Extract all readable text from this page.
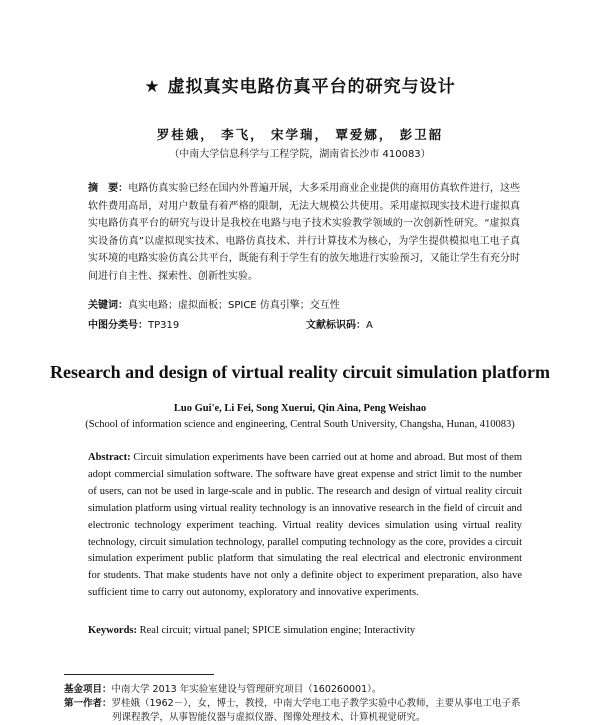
★ 虚拟真实电路仿真平台的研究与设计
罗桂娥， 李飞， 宋学瑞， 覃爱娜， 彭卫韶
（中南大学信息科学与工程学院，湖南省长沙市 410083）
摘　要：电路仿真实验已经在国内外普遍开展，大多采用商业企业提供的商用仿真软件进行，这些软件费用高昂，对用户数量有着严格的限制，无法大规模公共使用。采用虚拟现实技术进行虚拟真实电路仿真平台的研究与设计是我校在电路与电子技术实验教学领域的一次创新性研究。“虚拟真实设备仿真”以虚拟现实技术、电路仿真技术、并行计算技术为核心，为学生提供模拟电工电子真实环境的电路实验仿真公共平台，既能有利于学生有的放矢地进行实验预习，又能让学生有充分时间进行自主性、探索性、创新性实验。
关键词：真实电路；虚拟面板；SPICE 仿真引擎；交互性
中图分类号：TP319	文献标识码：A
Research and design of virtual reality circuit simulation platform
Luo Gui'e, Li Fei, Song Xuerui, Qin Aina, Peng Weishao
(School of information science and engineering, Central South University, Changsha, Hunan, 410083)
Abstract: Circuit simulation experiments have been carried out at home and abroad. But most of them adopt commercial simulation software. The software have great expense and strict limit to the number of users, can not be used in large-scale and in public. The research and design of virtual reality circuit simulation platform using virtual reality technology is an innovative research in the field of circuit and electronic technology experiment teaching. Virtual reality devices simulation using virtual reality technology, circuit simulation technology, parallel computing technology as the core, provides a circuit simulation experiment public platform that simulating the real electrical and electronic environment for students. That make students have not only a definite object to experiment preparation, also have sufficient time to carry out autonomy, exploratory and innovative experiments.
Keywords: Real circuit; virtual panel; SPICE simulation engine; Interactivity
基金项目：中南大学 2013 年实验室建设与管理研究项目（160260001）。
第一作者：罗桂娥（1962－），女，博士，教授，中南大学电工电子教学实验中心教师，主要从事电工电子系
列课程教学，从事智能仪器与虚拟仪器、图像处理技术、计算机视觉研究。
